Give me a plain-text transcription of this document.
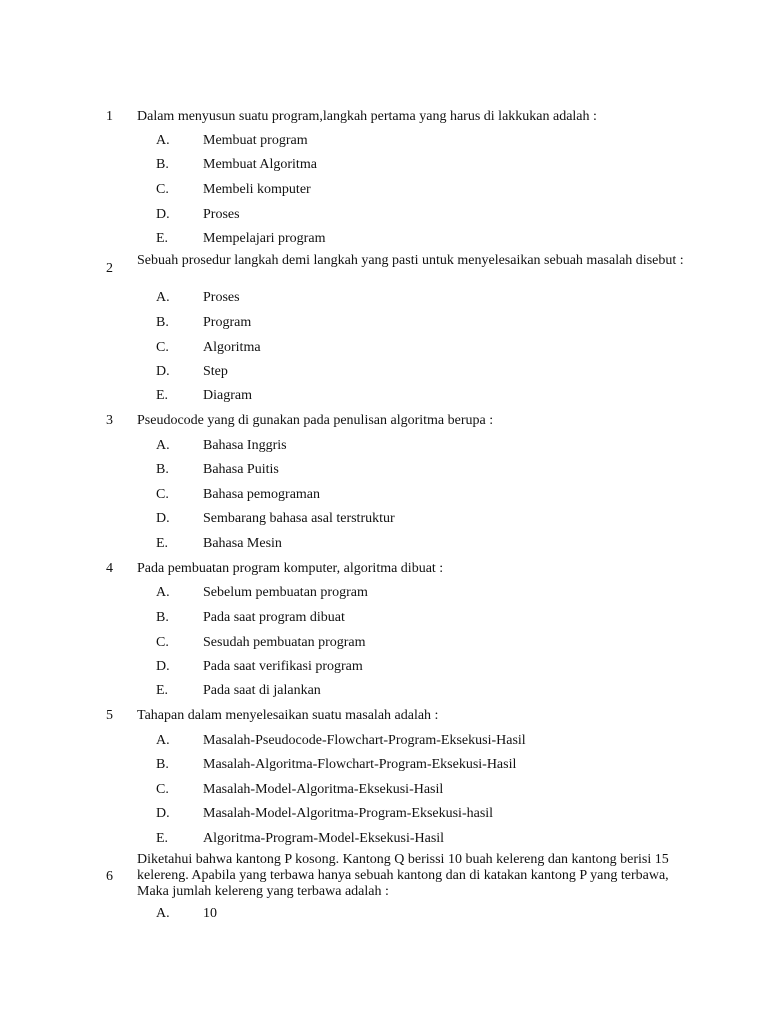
1 Dalam menyusun suatu program,langkah pertama yang harus di lakkukan adalah :
A. Membuat program
B. Membuat Algoritma
C. Membeli komputer
D. Proses
E. Mempelajari program
2
Sebuah prosedur langkah demi langkah yang pasti untuk menyelesaikan sebuah masalah disebut :
A. Proses
B. Program
C. Algoritma
D. Step
E. Diagram
3 Pseudocode yang di gunakan pada penulisan algoritma berupa :
A. Bahasa Inggris
B. Bahasa Puitis
C. Bahasa pemograman
D. Sembarang bahasa asal terstruktur
E. Bahasa Mesin
4 Pada pembuatan program komputer, algoritma dibuat :
A. Sebelum pembuatan program
B. Pada saat program dibuat
C. Sesudah pembuatan program
D. Pada saat verifikasi program
E. Pada saat di jalankan
5 Tahapan dalam menyelesaikan suatu masalah adalah :
A. Masalah-Pseudocode-Flowchart-Program-Eksekusi-Hasil
B. Masalah-Algoritma-Flowchart-Program-Eksekusi-Hasil
C. Masalah-Model-Algoritma-Eksekusi-Hasil
D. Masalah-Model-Algoritma-Program-Eksekusi-hasil
E. Algoritma-Program-Model-Eksekusi-Hasil
6
Diketahui bahwa kantong P kosong. Kantong Q berissi 10 buah kelereng dan kantong berisi 15 kelereng. Apabila yang terbawa hanya sebuah kantong dan di katakan kantong P yang terbawa, Maka jumlah kelereng yang terbawa adalah :
A. 10
